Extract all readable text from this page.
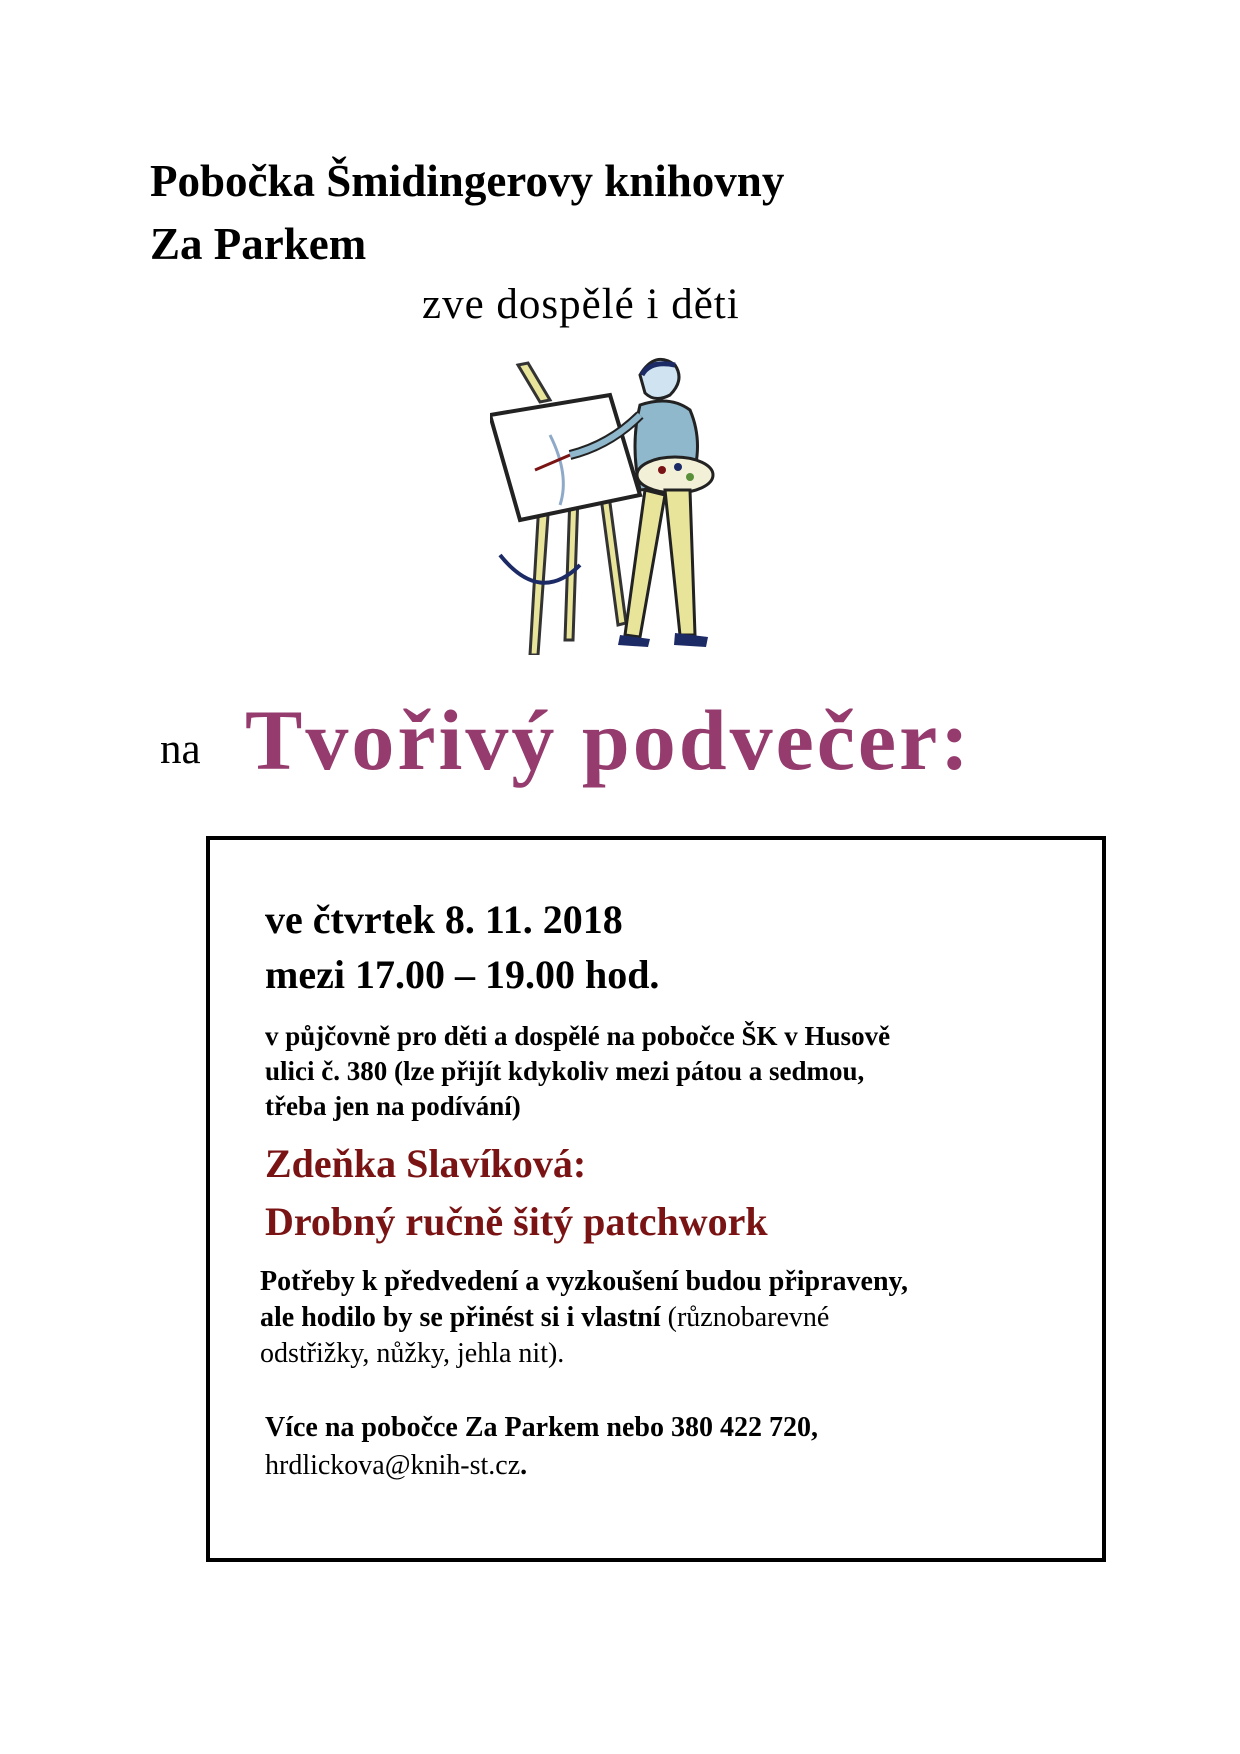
Pobočka Šmidingerovy knihovny
Za Parkem
zve dospělé i děti
na Tvořivý podvečer:
ve čtvrtek 8. 11. 2018
mezi 17.00 – 19.00 hod.
v půjčovně pro děti a dospělé na pobočce ŠK v Husově
ulici č. 380 (lze přijít kdykoliv mezi pátou a sedmou,
třeba jen na podívání)
Zdeňka Slavíková:
Drobný ručně šitý patchwork
Potřeby k předvedení a vyzkoušení budou připraveny,
ale hodilo by se přinést si i vlastní (různobarevné
odstřižky, nůžky, jehla nit).
Více na pobočce Za Parkem nebo 380 422 720,
hrdlickova@knih-st.cz.
